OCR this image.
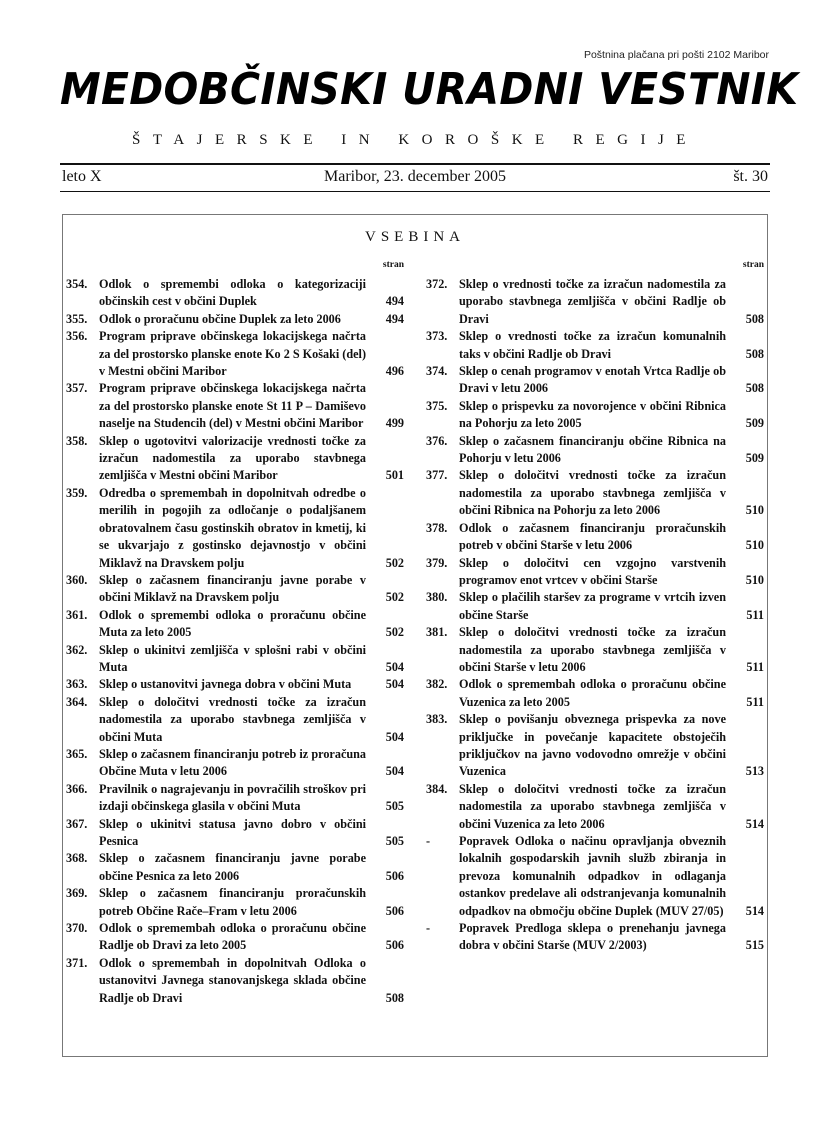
Poštnina plačana pri pošti 2102 Maribor
MEDOBČINSKI URADNI VESTNIK
ŠTAJERSKE IN KOROŠKE REGIJE
leto X	Maribor, 23. december 2005	št. 30
VSEBINA
stran
354. Odlok o spremembi odloka o kategorizaciji občinskih cest v občini Duplek	494
355. Odlok o proračunu občine Duplek za leto 2006	494
356. Program priprave občinskega lokacijskega načrta za del prostorsko planske enote Ko 2 S Košaki (del) v Mestni občini Maribor	496
357. Program priprave občinskega lokacijskega načrta za del prostorsko planske enote St 11 P – Damiševo naselje na Studencih (del) v Mestni občini Maribor	499
358. Sklep o ugotovitvi valorizacije vrednosti točke za izračun nadomestila za uporabo stavbnega zemljišča v Mestni občini Maribor	501
359. Odredba o spremembah in dopolnitvah odredbe o merilih in pogojih za odločanje o podaljšanem obratovalnem času gostinskih obratov in kmetij, ki se ukvarjajo z gostinsko dejavnostjo v občini Miklavž na Dravskem polju	502
360. Sklep o začasnem financiranju javne porabe v občini Miklavž na Dravskem polju	502
361. Odlok o spremembi odloka o proračunu občine Muta za leto 2005	502
362. Sklep o ukinitvi zemljišča v splošni rabi v občini Muta	504
363. Sklep o ustanovitvi javnega dobra v občini Muta	504
364. Sklep o določitvi vrednosti točke za izračun nadomestila za uporabo stavbnega zemljišča v občini Muta	504
365. Sklep o začasnem financiranju potreb iz proračuna Občine Muta v letu 2006	504
366. Pravilnik o nagrajevanju in povračilih stroškov pri izdaji občinskega glasila v občini Muta	505
367. Sklep o ukinitvi statusa javno dobro v občini Pesnica	505
368. Sklep o začasnem financiranju javne porabe občine Pesnica za leto 2006	506
369. Sklep o začasnem financiranju proračunskih potreb Občine Rače–Fram v letu 2006	506
370. Odlok o spremembah odloka o proračunu občine Radlje ob Dravi za leto 2005	506
371. Odlok o spremembah in dopolnitvah Odloka o ustanovitvi Javnega stanovanjskega sklada občine Radlje ob Dravi	508
stran
372. Sklep o vrednosti točke za izračun nadomestila za uporabo stavbnega zemljišča v občini Radlje ob Dravi	508
373. Sklep o vrednosti točke za izračun komunalnih taks v občini Radlje ob Dravi	508
374. Sklep o cenah programov v enotah Vrtca Radlje ob Dravi v letu 2006	508
375. Sklep o prispevku za novorojence v občini Ribnica na Pohorju za leto 2005	509
376. Sklep o začasnem financiranju občine Ribnica na Pohorju v letu 2006	509
377. Sklep o določitvi vrednosti točke za izračun nadomestila za uporabo stavbnega zemljišča v občini Ribnica na Pohorju za leto 2006	510
378. Odlok o začasnem financiranju proračunskih potreb v občini Starše v letu 2006	510
379. Sklep o določitvi cen vzgojno varstvenih programov enot vrtcev v občini Starše	510
380. Sklep o plačilih staršev za programe v vrtcih izven občine Starše	511
381. Sklep o določitvi vrednosti točke za izračun nadomestila za uporabo stavbnega zemljišča v občini Starše v letu 2006	511
382. Odlok o spremembah odloka o proračunu občine Vuzenica za leto 2005	511
383. Sklep o povišanju obveznega prispevka za nove priključke in povečanje kapacitete obstoječih priključkov na javno vodovodno omrežje v občini Vuzenica	513
384. Sklep o določitvi vrednosti točke za izračun nadomestila za uporabo stavbnega zemljišča v občini Vuzenica za leto 2006	514
-	Popravek Odloka o načinu opravljanja obveznih lokalnih gospodarskih javnih služb zbiranja in prevoza komunalnih odpadkov in odlaganja ostankov predelave ali odstranjevanja komunalnih odpadkov na območju občine Duplek (MUV 27/05)	514
-	Popravek Predloga sklepa o prenehanju javnega dobra v občini Starše (MUV 2/2003)	515
